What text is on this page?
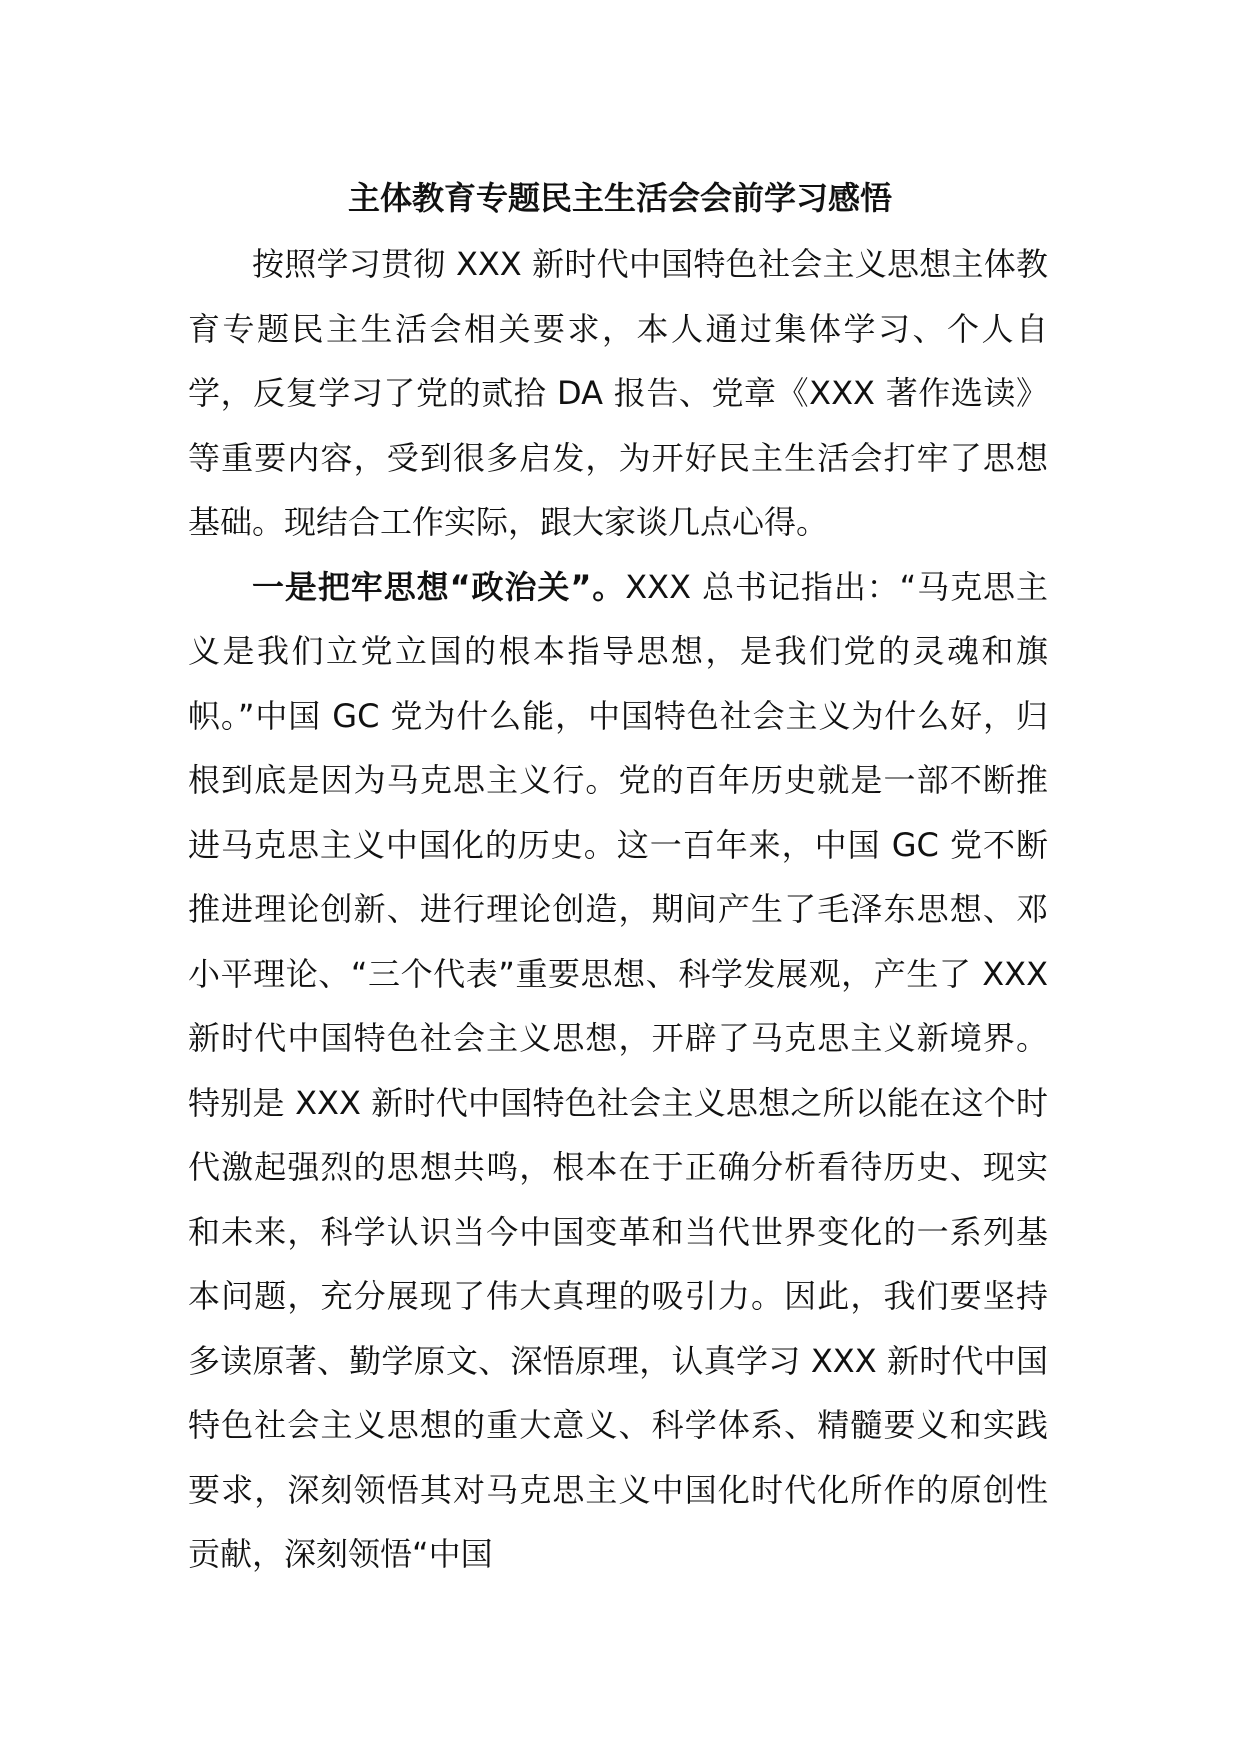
主体教育专题民主生活会会前学习感悟

按照学习贯彻 XXX 新时代中国特色社会主义思想主体教育专题民主生活会相关要求，本人通过集体学习、个人自学，反复学习了党的贰拾 DA 报告、党章《XXX 著作选读》等重要内容，受到很多启发，为开好民主生活会打牢了思想基础。现结合工作实际，跟大家谈几点心得。

一是把牢思想“政治关”。XXX 总书记指出：“马克思主义是我们立党立国的根本指导思想，是我们党的灵魂和旗帜。”中国 GC 党为什么能，中国特色社会主义为什么好，归根到底是因为马克思主义行。党的百年历史就是一部不断推进马克思主义中国化的历史。这一百年来，中国 GC 党不断推进理论创新、进行理论创造，期间产生了毛泽东思想、邓小平理论、“三个代表”重要思想、科学发展观，产生了 XXX 新时代中国特色社会主义思想，开辟了马克思主义新境界。特别是 XXX 新时代中国特色社会主义思想之所以能在这个时代激起强烈的思想共鸣，根本在于正确分析看待历史、现实和未来，科学认识当今中国变革和当代世界变化的一系列基本问题，充分展现了伟大真理的吸引力。因此，我们要坚持多读原著、勤学原文、深悟原理，认真学习 XXX 新时代中国特色社会主义思想的重大意义、科学体系、精髓要义和实践要求，深刻领悟其对马克思主义中国化时代化所作的原创性贡献，深刻领悟“中国
